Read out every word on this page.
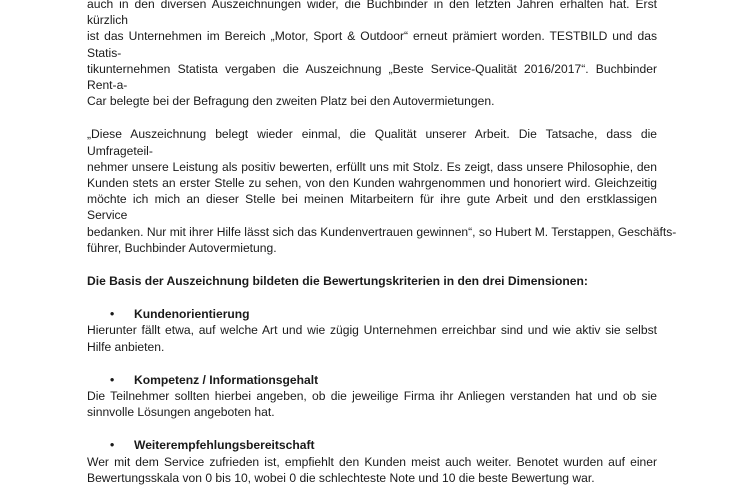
auch in den diversen Auszeichnungen wider, die Buchbinder in den letzten Jahren erhalten hat. Erst kürzlich
ist das Unternehmen im Bereich „Motor, Sport & Outdoor“ erneut prämiert worden. TESTBILD und das Statis-
tikunternehmen Statista vergaben die Auszeichnung „Beste Service-Qualität 2016/2017“. Buchbinder Rent-a-
Car belegte bei der Befragung den zweiten Platz bei den Autovermietungen.

„Diese Auszeichnung belegt wieder einmal, die Qualität unserer Arbeit. Die Tatsache, dass die Umfrageteil-
nehmer unsere Leistung als positiv bewerten, erfüllt uns mit Stolz. Es zeigt, dass unsere Philosophie, den
Kunden stets an erster Stelle zu sehen, von den Kunden wahrgenommen und honoriert wird. Gleichzeitig
möchte ich mich an dieser Stelle bei meinen Mitarbeitern für ihre gute Arbeit und den erstklassigen Service
bedanken. Nur mit ihrer Hilfe lässt sich das Kundenvertrauen gewinnen“, so Hubert M. Terstappen, Geschäfts-
führer, Buchbinder Autovermietung.

Die Basis der Auszeichnung bildeten die Bewertungskriterien in den drei Dimensionen:

•	Kundenorientierung

Hierunter fällt etwa, auf welche Art und wie zügig Unternehmen erreichbar sind und wie aktiv sie selbst
Hilfe anbieten.

•	Kompetenz / Informationsgehalt

Die Teilnehmer sollten hierbei angeben, ob die jeweilige Firma ihr Anliegen verstanden hat und ob sie
sinnvolle Lösungen angeboten hat.

•	Weiterempfehlungsbereitschaft

Wer mit dem Service zufrieden ist, empfiehlt den Kunden meist auch weiter. Benotet wurden auf einer
Bewertungsskala von 0 bis 10, wobei 0 die schlechteste Note und 10 die beste Bewertung war.
